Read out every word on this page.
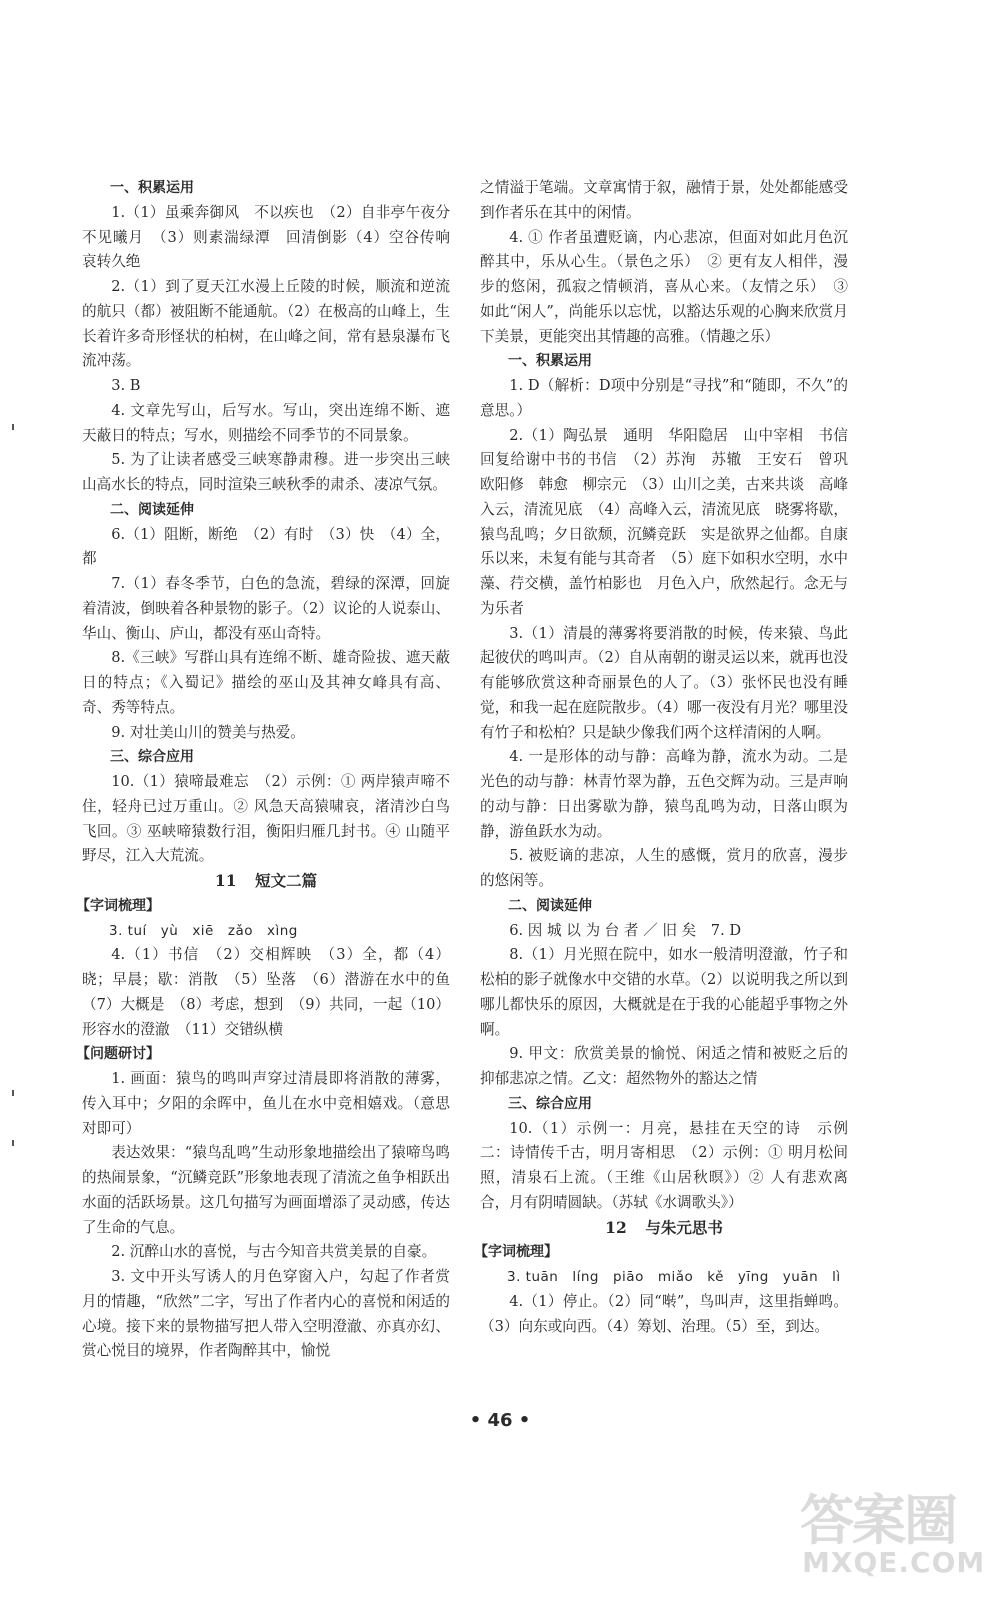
一、积累运用

1.（1）虽乘奔御风　不以疾也　（2）自非亭午夜分　不见曦月　（3）则素湍绿潭　回清倒影（4）空谷传响　哀转久绝

2.（1）到了夏天江水漫上丘陵的时候，顺流和逆流的航只（都）被阻断不能通航。（2）在极高的山峰上，生长着许多奇形怪状的柏树，在山峰之间，常有悬泉瀑布飞流冲荡。

3. B

4. 文章先写山，后写水。写山，突出连绵不断、遮天蔽日的特点；写水，则描绘不同季节的不同景象。

5. 为了让读者感受三峡寒静肃穆。进一步突出三峡山高水长的特点，同时渲染三峡秋季的肃杀、凄凉气氛。

二、阅读延伸

6.（1）阻断，断绝　（2）有时　（3）快　（4）全，都

7.（1）春冬季节，白色的急流，碧绿的深潭，回旋着清波，倒映着各种景物的影子。（2）议论的人说泰山、华山、衡山、庐山，都没有巫山奇特。

8.《三峡》写群山具有连绵不断、雄奇险拔、遮天蔽日的特点；《入蜀记》描绘的巫山及其神女峰具有高、奇、秀等特点。

9. 对壮美山川的赞美与热爱。

三、综合应用

10.（1）猿啼最难忘　（2）示例：① 两岸猿声啼不住，轻舟已过万重山。② 风急天高猿啸哀，渚清沙白鸟飞回。③ 巫峡啼猿数行泪，衡阳归雁几封书。④ 山随平野尽，江入大荒流。

11 短文二篇

【字词梳理】

3. tuí　yù　xiē　zǎo　xìng

4.（1）书信　（2）交相辉映　（3）全，都（4）晓；早晨；歇：消散　（5）坠落　（6）潜游在水中的鱼　（7）大概是　（8）考虑，想到　（9）共同，一起（10）形容水的澄澈　（11）交错纵横

【问题研讨】

1. 画面：猿鸟的鸣叫声穿过清晨即将消散的薄雾，传入耳中；夕阳的余晖中，鱼儿在水中竞相嬉戏。（意思对即可）

表达效果：“猿鸟乱鸣”生动形象地描绘出了猿啼鸟鸣的热闹景象，“沉鳞竞跃”形象地表现了清流之鱼争相跃出水面的活跃场景。这几句描写为画面增添了灵动感，传达了生命的气息。

2. 沉醉山水的喜悦，与古今知音共赏美景的自豪。

3. 文中开头写诱人的月色穿窗入户，勾起了作者赏月的情趣，“欣然”二字，写出了作者内心的喜悦和闲适的心境。接下来的景物描写把人带入空明澄澈、亦真亦幻、赏心悦目的境界，作者陶醉其中，愉悦

之情溢于笔端。文章寓情于叙，融情于景，处处都能感受到作者乐在其中的闲情。

4. ① 作者虽遭贬谪，内心悲凉，但面对如此月色沉醉其中，乐从心生。（景色之乐）　② 更有友人相伴，漫步的悠闲，孤寂之情顿消，喜从心来。（友情之乐）　③ 如此“闲人”，尚能乐以忘忧，以豁达乐观的心胸来欣赏月下美景，更能突出其情趣的高雅。（情趣之乐）

一、积累运用

1. D（解析：D项中分别是“寻找”和“随即，不久”的意思。）

2.（1）陶弘景　通明　华阳隐居　山中宰相　书信　回复给谢中书的书信　（2）苏洵　苏辙　王安石　曾巩　欧阳修　韩愈　柳宗元　（3）山川之美，古来共谈　高峰入云，清流见底　（4）高峰入云，清流见底　晓雾将歇，猿鸟乱鸣；夕日欲颓，沉鳞竞跃　实是欲界之仙都。自康乐以来，未复有能与其奇者　（5）庭下如积水空明，水中藻、荇交横，盖竹柏影也　月色入户，欣然起行。念无与为乐者

3.（1）清晨的薄雾将要消散的时候，传来猿、鸟此起彼伏的鸣叫声。（2）自从南朝的谢灵运以来，就再也没有能够欣赏这种奇丽景色的人了。（3）张怀民也没有睡觉，和我一起在庭院散步。（4）哪一夜没有月光？哪里没有竹子和松柏？只是缺少像我们两个这样清闲的人啊。

4. 一是形体的动与静：高峰为静，流水为动。二是光色的动与静：林青竹翠为静，五色交辉为动。三是声响的动与静：日出雾歇为静，猿鸟乱鸣为动，日落山暝为静，游鱼跃水为动。

5. 被贬谪的悲凉，人生的感慨，赏月的欣喜，漫步的悠闲等。

二、阅读延伸

6. 因 城 以 为 台 者 ／ 旧 矣　7. D

8.（1）月光照在院中，如水一般清明澄澈，竹子和松柏的影子就像水中交错的水草。（2）以说明我之所以到哪儿都快乐的原因，大概就是在于我的心能超乎事物之外啊。

9. 甲文：欣赏美景的愉悦、闲适之情和被贬之后的抑郁悲凉之情。乙文：超然物外的豁达之情

三、综合应用

10.（1）示例一：月亮，悬挂在天空的诗　示例二：诗情传千古，明月寄相思　（2）示例：① 明月松间照，清泉石上流。（王维《山居秋暝》）② 人有悲欢离合，月有阴晴圆缺。（苏轼《水调歌头》）

12 与朱元思书

【字词梳理】

3. tuān　líng　piāo　miǎo　kě　yīng　yuān　lì

4.（1）停止。（2）同“啭”，鸟叫声，这里指蝉鸣。（3）向东或向西。（4）筹划、治理。（5）至，到达。

• 46 •
答案圈
MXQE.COM
